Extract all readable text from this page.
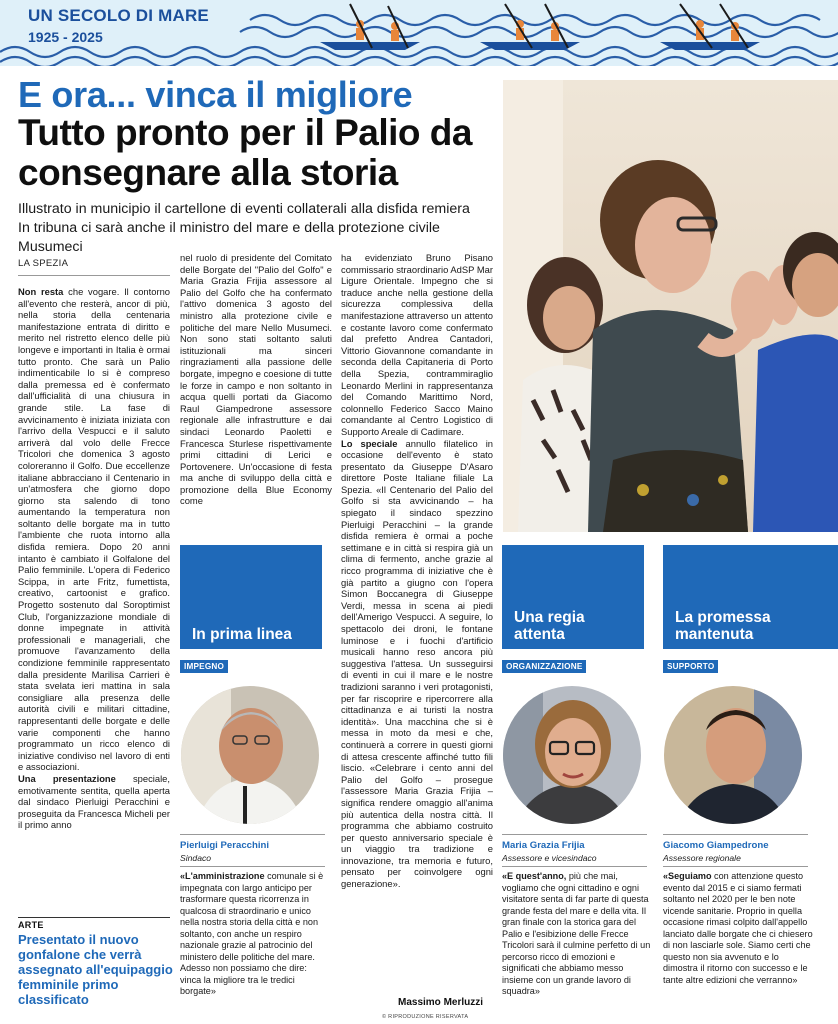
UN SECOLO DI MARE
1925 - 2025
E ora... vinca il migliore
Tutto pronto per il Palio da consegnare alla storia
Illustrato in municipio il cartellone di eventi collaterali alla disfida remiera
In tribuna ci sarà anche il ministro del mare e della protezione civile Musumeci
LA SPEZIA

Non resta che vogare. Il contorno all'evento che resterà, ancor di più, nella storia della centenaria manifestazione entrata di diritto e merito nel ristretto elenco delle più longeve e importanti in Italia è ormai tutto pronto. Che sarà un Palio indimenticabile lo si è compreso dalla premessa ed è confermato dall'ufficialità di una chiusura in grande stile. La fase di avvicinamento è iniziata iniziata con l'arrivo della Vespucci e il saluto arriverà dal volo delle Frecce Tricolori che domenica 3 agosto coloreranno il Golfo. Due eccellenze italiane abbracciano il Centenario in un'atmosfera che giorno dopo giorno sta salendo di tono aumentando la temperatura non soltanto delle borgate ma in tutto l'ambiente che ruota intorno alla disfida remiera. Dopo 20 anni intanto è cambiato il Golfalone del Palio femminile. L'opera di Federico Scippa, in arte Fritz, fumettista, creativo, cartoonist e grafico. Progetto sostenuto dal Soroptimist Club, l'organizzazione mondiale di donne impegnate in attività professionali e manageriali, che promuove l'avanzamento della condizione femminile rappresentato dalla presidente Marilisa Carrieri è stata svelata ieri mattina in sala consigliare alla presenza delle autorità civili e militari cittadine, rappresentanti delle borgate e delle varie componenti che hanno programmato un ricco elenco di iniziative condiviso nel lavoro di enti e associazioni.

Una presentazione speciale, emotivamente sentita, quella aperta dal sindaco Pierluigi Peracchini e proseguita da Francesca Micheli per il primo anno

nel ruolo di presidente del Comitato delle Borgate del "Palio del Golfo" e Maria Grazia Frijia assessore al Palio del Golfo che ha confermato l'attivo domenica 3 agosto del ministro alla protezione civile e politiche del mare Nello Musumeci. Non sono stati soltanto saluti istituzionali ma sinceri ringraziamenti alla passione delle borgate, impegno e coesione di tutte le forze in campo e non soltanto in acqua quelli portati da Giacomo Raul Giampedrone assessore regionale alle infrastrutture e dai sindaci Leonardo Paoletti e Francesca Sturlese rispettivamente primi cittadini di Lerici e Portovenere. Un'occasione di festa ma anche di sviluppo della città e promozione della Blue Economy come

ha evidenziato Bruno Pisano commissario straordinario AdSP Mar Ligure Orientale. Impegno che si traduce anche nella gestione della sicurezza complessiva della manifestazione attraverso un attento e costante lavoro come confermato dal prefetto Andrea Cantadori, Vittorio Giovannone comandante in seconda della Capitaneria di Porto della Spezia, contrammiraglio Leonardo Merlini in rappresentanza del Comando Marittimo Nord, colonnello Federico Sacco Maino comandante al Centro Logistico di Supporto Areale di Cadimare.

Lo speciale annullo filatelico in occasione dell'evento è stato presentato da Giuseppe D'Asaro direttore Poste Italiane filiale La Spezia. «Il Centenario del Palio del Golfo si sta avvicinando – ha spiegato il sindaco spezzino Pierluigi Peracchini – la grande disfida remiera è ormai a poche settimane e in città si respira già un clima di fermento, anche grazie al ricco programma di iniziative che è già partito a giugno con l'opera Simon Boccanegra di Giuseppe Verdi, messa in scena ai piedi dell'Amerigo Vespucci. A seguire, lo spettacolo dei droni, le fontane luminose e i fuochi d'artificio musicali hanno reso ancora più suggestiva l'attesa. Un susseguirsi di eventi in cui il mare e le nostre tradizioni saranno i veri protagonisti, per far riscoprire e ripercorrere alla cittadinanza e ai turisti la nostra identità». Una macchina che si è messa in moto da mesi e che, continuerà a correre in questi giorni di attesa crescente affinché tutto fili liscio. «Celebrare i cento anni del Palio del Golfo – prosegue l'assessore Maria Grazia Frijia – significa rendere omaggio all'anima più autentica della nostra città. Il programma che abbiamo costruito per questo anniversario speciale è un viaggio tra tradizione e innovazione, tra memoria e futuro, pensato per coinvolgere ogni generazione».

Massimo Merluzzi
© RIPRODUZIONE RISERVATA
ARTE
Presentato il nuovo gonfalone che verrà assegnato all'equipaggio femminile primo classificato
In prima linea
IMPEGNO
Pierluigi Peracchini
Sindaco
«L'amministrazione comunale si è impegnata con largo anticipo per trasformare questa ricorrenza in qualcosa di straordinario e unico nella nostra storia della città e non soltanto, con anche un respiro nazionale grazie al patrocinio del ministero delle politiche del mare. Adesso non possiamo che dire: vinca la migliore tra le tredici borgate»
Una regia attenta
ORGANIZZAZIONE
Maria Grazia Frijia
Assessore e vicesindaco
«E quest'anno, più che mai, vogliamo che ogni cittadino e ogni visitatore senta di far parte di questa grande festa del mare e della vita. Il gran finale con la storica gara del Palio e l'esibizione delle Frecce Tricolori sarà il culmine perfetto di un percorso ricco di emozioni e significati che abbiamo messo insieme con un grande lavoro di squadra»
La promessa mantenuta
SUPPORTO
Giacomo Giampedrone
Assessore regionale
«Seguiamo con attenzione questo evento dal 2015 e ci siamo fermati soltanto nel 2020 per le ben note vicende sanitarie. Proprio in quella occasione rimasi colpito dall'appello lanciato dalle borgate che ci chiesero di non lasciarle sole. Siamo certi che questo non sia avvenuto e lo dimostra il ritorno con successo e le tante altre edizioni che verranno»
